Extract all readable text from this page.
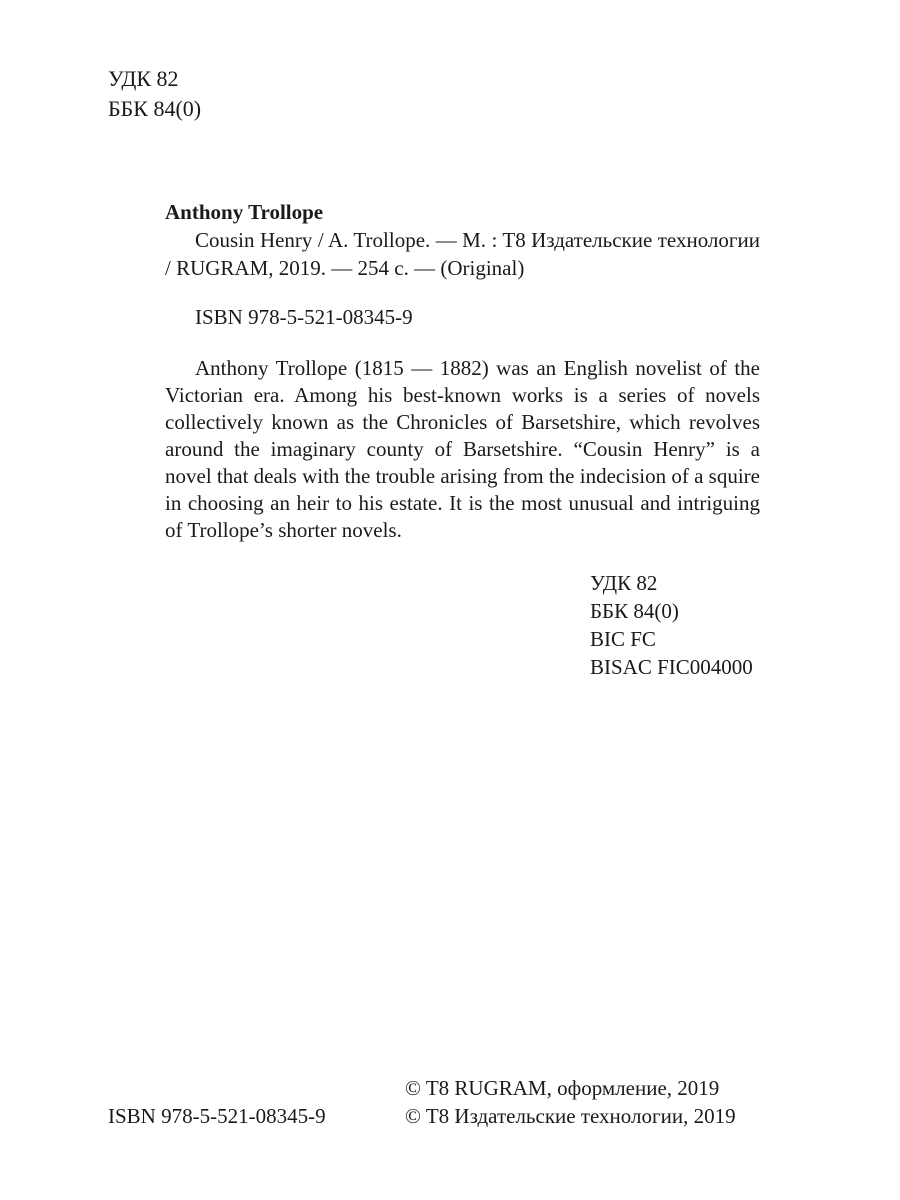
УДК 82
ББК 84(0)
Anthony Trollope
Cousin Henry / A. Trollope. — M. : T8 Издательские технологии / RUGRAM, 2019. — 254 с. — (Original)
ISBN 978-5-521-08345-9
Anthony Trollope (1815 — 1882) was an English novelist of the Victorian era. Among his best-known works is a series of novels collectively known as the Chronicles of Barsetshire, which revolves around the imaginary county of Barsetshire. “Cousin Henry” is a novel that deals with the trouble arising from the indecision of a squire in choosing an heir to his estate. It is the most unusual and intriguing of Trollope’s shorter novels.
УДК 82
ББК 84(0)
BIC FC
BISAC FIC004000
ISBN 978-5-521-08345-9
© T8 RUGRAM, оформление, 2019
© T8 Издательские технологии, 2019
